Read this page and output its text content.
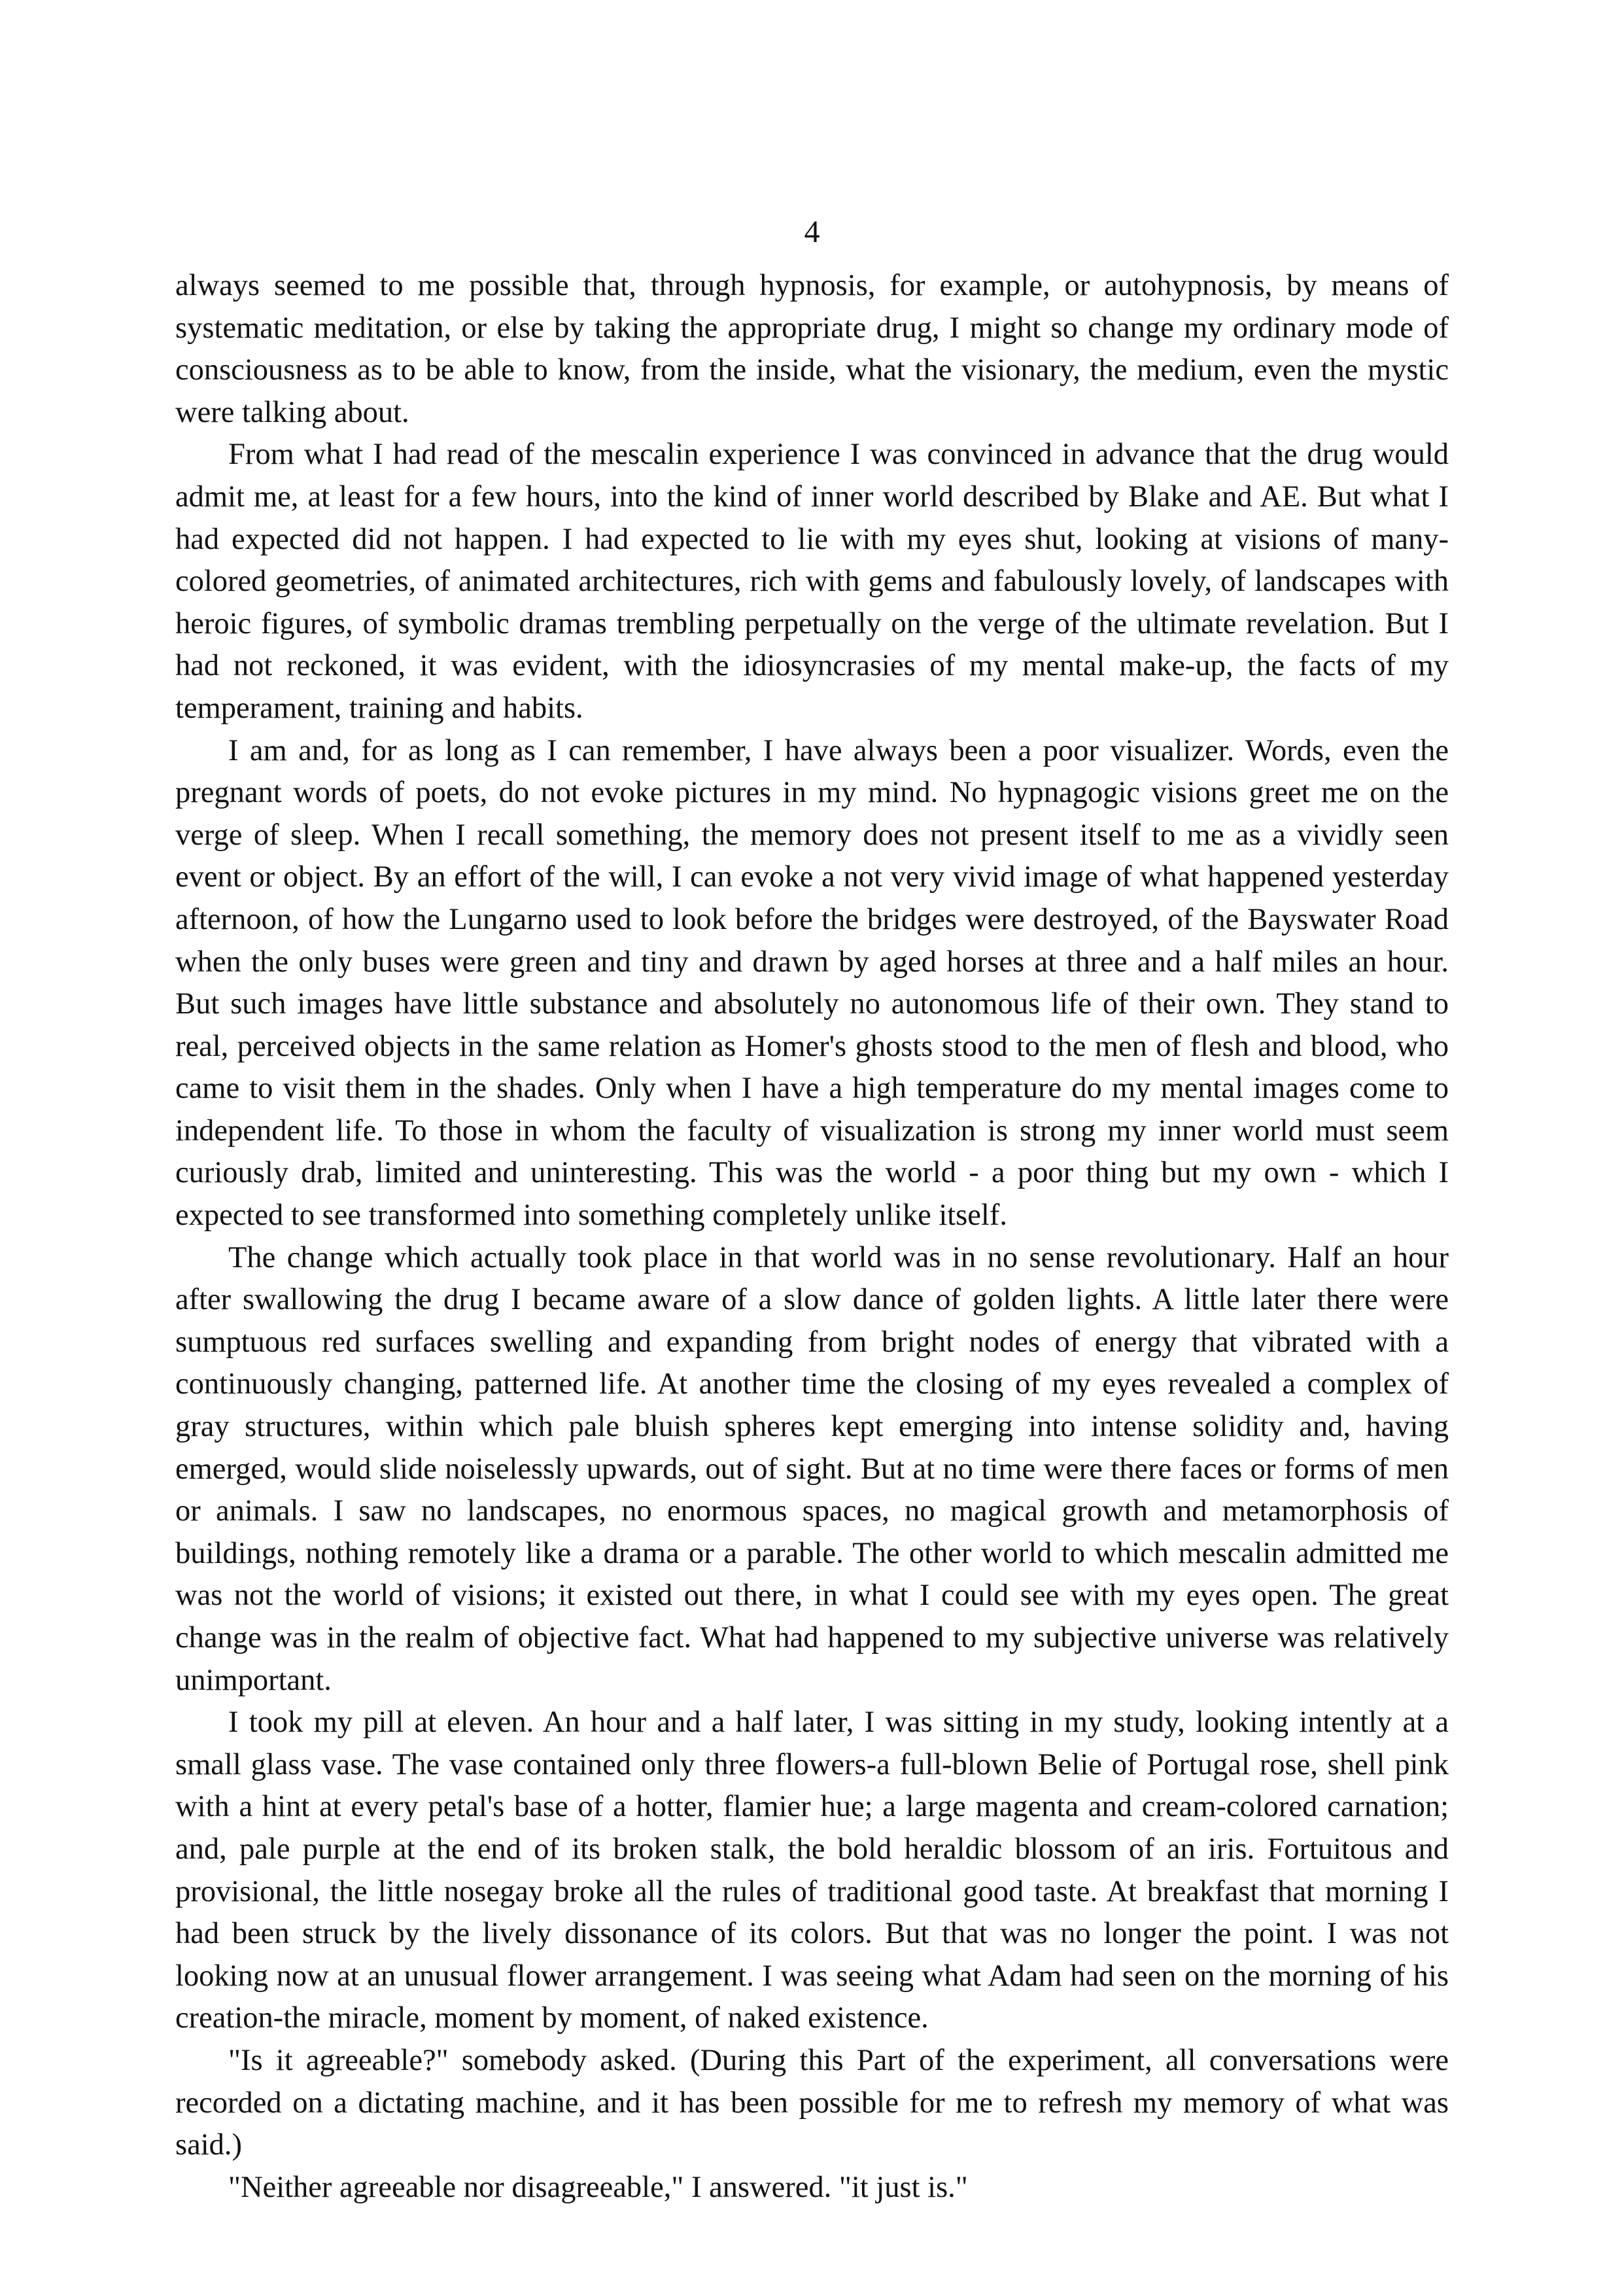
4

always seemed to me possible that, through hypnosis, for example, or autohypnosis, by means of systematic meditation, or else by taking the appropriate drug, I might so change my ordinary mode of consciousness as to be able to know, from the inside, what the visionary, the medium, even the mystic were talking about.

From what I had read of the mescalin experience I was convinced in advance that the drug would admit me, at least for a few hours, into the kind of inner world described by Blake and AE. But what I had expected did not happen. I had expected to lie with my eyes shut, looking at visions of many-colored geometries, of animated architectures, rich with gems and fabulously lovely, of landscapes with heroic figures, of symbolic dramas trembling perpetually on the verge of the ultimate revelation. But I had not reckoned, it was evident, with the idiosyncrasies of my mental make-up, the facts of my temperament, training and habits.

I am and, for as long as I can remember, I have always been a poor visualizer. Words, even the pregnant words of poets, do not evoke pictures in my mind. No hypnagogic visions greet me on the verge of sleep. When I recall something, the memory does not present itself to me as a vividly seen event or object. By an effort of the will, I can evoke a not very vivid image of what happened yesterday afternoon, of how the Lungarno used to look before the bridges were destroyed, of the Bayswater Road when the only buses were green and tiny and drawn by aged horses at three and a half miles an hour. But such images have little substance and absolutely no autonomous life of their own. They stand to real, perceived objects in the same relation as Homer's ghosts stood to the men of flesh and blood, who came to visit them in the shades. Only when I have a high temperature do my mental images come to independent life. To those in whom the faculty of visualization is strong my inner world must seem curiously drab, limited and uninteresting. This was the world - a poor thing but my own - which I expected to see transformed into something completely unlike itself.

The change which actually took place in that world was in no sense revolutionary. Half an hour after swallowing the drug I became aware of a slow dance of golden lights. A little later there were sumptuous red surfaces swelling and expanding from bright nodes of energy that vibrated with a continuously changing, patterned life. At another time the closing of my eyes revealed a complex of gray structures, within which pale bluish spheres kept emerging into intense solidity and, having emerged, would slide noiselessly upwards, out of sight. But at no time were there faces or forms of men or animals. I saw no landscapes, no enormous spaces, no magical growth and metamorphosis of buildings, nothing remotely like a drama or a parable. The other world to which mescalin admitted me was not the world of visions; it existed out there, in what I could see with my eyes open. The great change was in the realm of objective fact. What had happened to my subjective universe was relatively unimportant.

I took my pill at eleven. An hour and a half later, I was sitting in my study, looking intently at a small glass vase. The vase contained only three flowers-a full-blown Belie of Portugal rose, shell pink with a hint at every petal's base of a hotter, flamier hue; a large magenta and cream-colored carnation; and, pale purple at the end of its broken stalk, the bold heraldic blossom of an iris. Fortuitous and provisional, the little nosegay broke all the rules of traditional good taste. At breakfast that morning I had been struck by the lively dissonance of its colors. But that was no longer the point. I was not looking now at an unusual flower arrangement. I was seeing what Adam had seen on the morning of his creation-the miracle, moment by moment, of naked existence.

"Is it agreeable?" somebody asked. (During this Part of the experiment, all conversations were recorded on a dictating machine, and it has been possible for me to refresh my memory of what was said.)

"Neither agreeable nor disagreeable," I answered. "it just is."
